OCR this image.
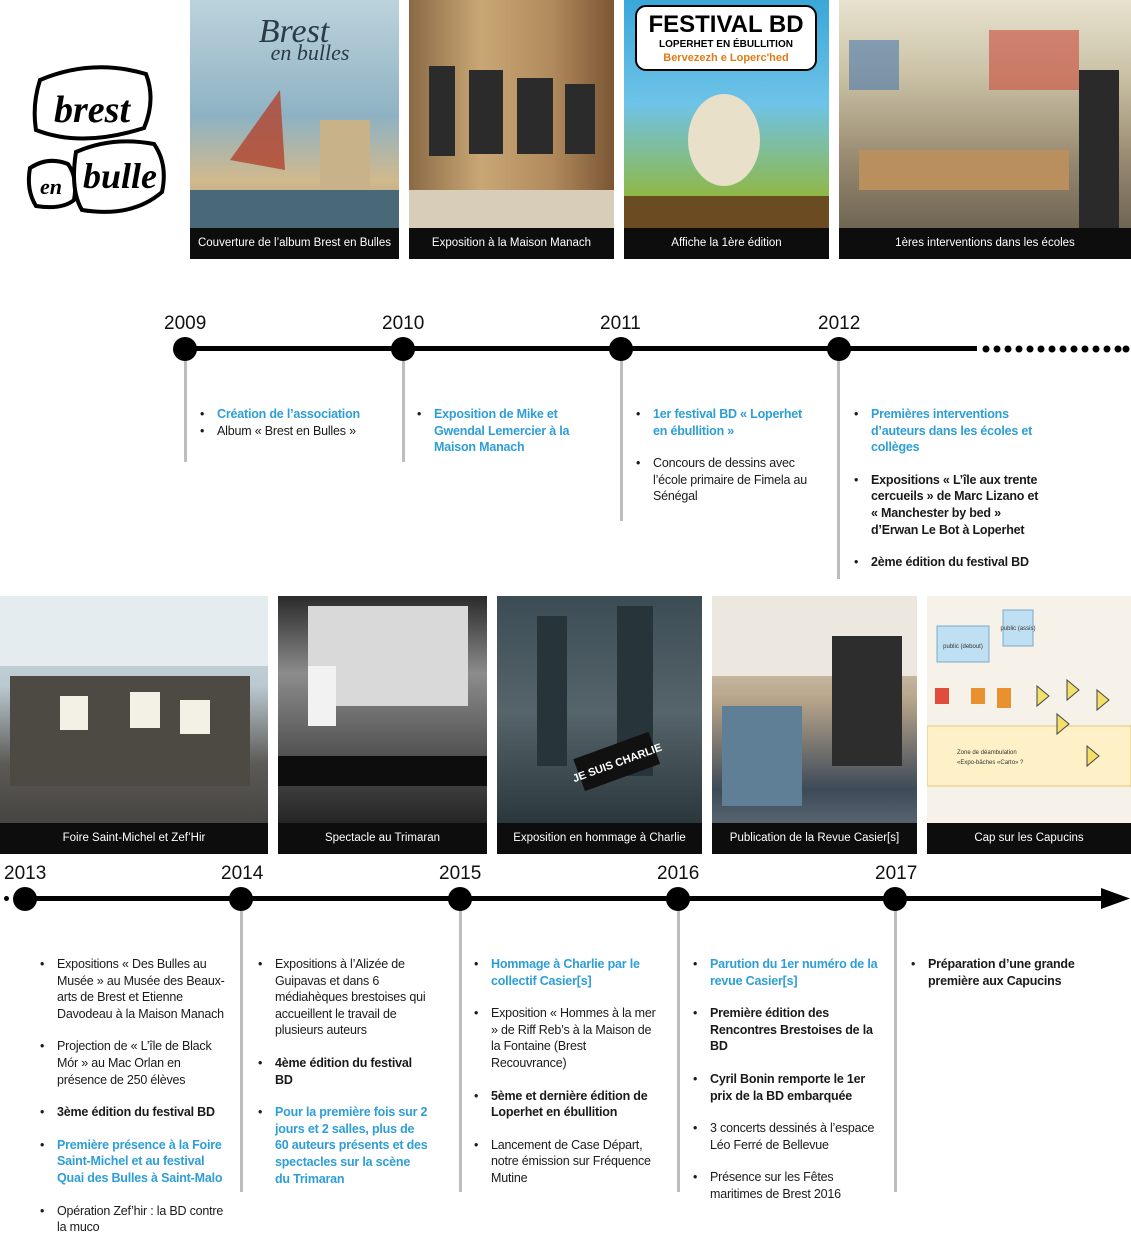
brest
en bulle
Brest
en bulles
Couverture de l’album Brest en Bulles	Exposition à la Maison Manach
FESTIVAL BD
LOPERHET EN ÉBULLITION
Bervezezh e Loperc'hed
Affiche la 1ère édition	1ères interventions dans les écoles
2009	2010	2011	2012
• Création de l’association
• Album « Brest en Bulles »
• Exposition de Mike et Gwendal Lemercier à la Maison Manach
• 1er festival BD « Loperhet en ébullition »
• Concours de dessins avec l’école primaire de Fimela au Sénégal
• Premières interventions d’auteurs dans les écoles et collèges
• Expositions « L’île aux trente cercueils » de Marc Lizano et « Manchester by bed » d’Erwan Le Bot à Loperhet
• 2ème édition du festival BD
Foire Saint-Michel et Zef’Hir	Spectacle au Trimaran
JE SUIS CHARLIE
Exposition en hommage à Charlie	Publication de la Revue Casier[s]
public (debout)
public (assis)
Zone de déambulation
«Expo-bâches «Carto» ?
Cap sur les Capucins
2013	2014	2015	2016	2017
• Expositions « Des Bulles au Musée » au Musée des Beaux-arts de Brest et Etienne Davodeau à la Maison Manach
• Projection de « L’île de Black Mór » au Mac Orlan en présence de 250 élèves
• 3ème édition du festival BD
• Première présence à la Foire Saint-Michel et au festival Quai des Bulles à Saint-Malo
• Opération Zef’hir : la BD contre la muco
• Expositions à l’Alizée de Guipavas et dans 6 médiahèques brestoises qui accueillent le travail de plusieurs auteurs
• 4ème édition du festival BD
• Pour la première fois sur 2 jours et 2 salles, plus de 60 auteurs présents et des spectacles sur la scène du Trimaran
• Hommage à Charlie par le collectif Casier[s]
• Exposition « Hommes à la mer » de Riff Reb’s à la Maison de la Fontaine (Brest Recouvrance)
• 5ème et dernière édition de Loperhet en ébullition
• Lancement de Case Départ, notre émission sur Fréquence Mutine
• Parution du 1er numéro de la revue Casier[s]
• Première édition des Rencontres Brestoises de la BD
• Cyril Bonin remporte le 1er prix de la BD embarquée
• 3 concerts dessinés à l’espace Léo Ferré de Bellevue
• Présence sur les Fêtes maritimes de Brest 2016
• Préparation d’une grande première aux Capucins
